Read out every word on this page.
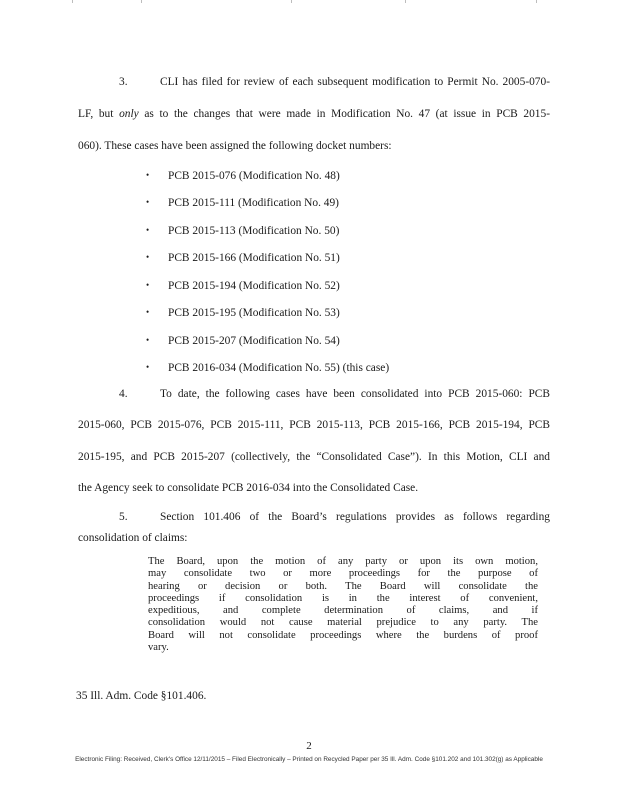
3.	CLI has filed for review of each subsequent modification to Permit No. 2005-070-
LF, but only as to the changes that were made in Modification No. 47 (at issue in PCB 2015-
060). These cases have been assigned the following docket numbers:
• PCB 2015-076 (Modification No. 48)
• PCB 2015-111 (Modification No. 49)
• PCB 2015-113 (Modification No. 50)
• PCB 2015-166 (Modification No. 51)
• PCB 2015-194 (Modification No. 52)
• PCB 2015-195 (Modification No. 53)
• PCB 2015-207 (Modification No. 54)
• PCB 2016-034 (Modification No. 55) (this case)
4.	To date, the following cases have been consolidated into PCB 2015-060: PCB
2015-060, PCB 2015-076, PCB 2015-111, PCB 2015-113, PCB 2015-166, PCB 2015-194, PCB
2015-195, and PCB 2015-207 (collectively, the “Consolidated Case”). In this Motion, CLI and
the Agency seek to consolidate PCB 2016-034 into the Consolidated Case.
5.	Section 101.406 of the Board’s regulations provides as follows regarding
consolidation of claims:
The Board, upon the motion of any party or upon its own motion,
may consolidate two or more proceedings for the purpose of
hearing or decision or both. The Board will consolidate the
proceedings if consolidation is in the interest of convenient,
expeditious, and complete determination of claims, and if
consolidation would not cause material prejudice to any party. The
Board will not consolidate proceedings where the burdens of proof
vary.
35 Ill. Adm. Code §101.406.
2
Electronic Filing: Received, Clerk's Office 12/11/2015 – Filed Electronically – Printed on Recycled Paper per 35 Ill. Adm. Code §101.202 and 101.302(g) as Applicable
